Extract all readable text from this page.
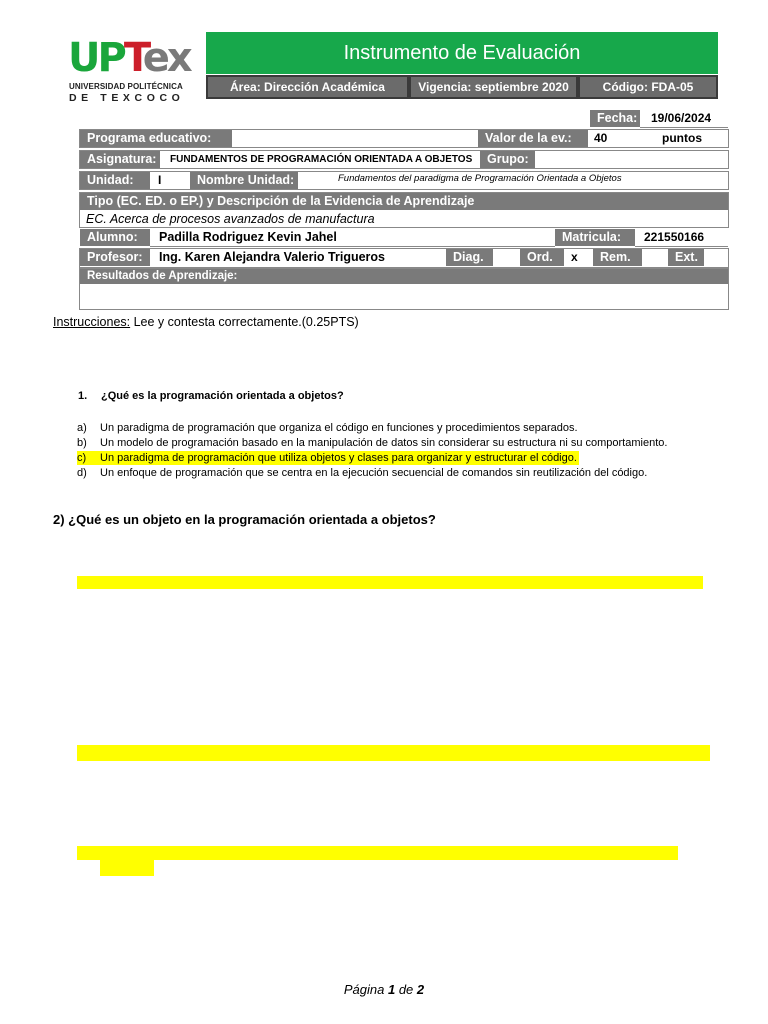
UPTex
UNIVERSIDAD POLITÉCNICA
DE TEXCOCO
Instrumento de Evaluación
Área: Dirección Académica	Vigencia: septiembre 2020	Código: FDA-05
Fecha: 19/06/2024
Programa educativo:	Valor de la ev.:	40	puntos
Asignatura:	FUNDAMENTOS DE PROGRAMACIÓN ORIENTADA A OBJETOS	Grupo:
Unidad:	I	Nombre Unidad:	Fundamentos del paradigma de Programación Orientada a Objetos
Tipo (EC. ED. o EP.) y Descripción de la Evidencia de Aprendizaje
EC. Acerca de procesos avanzados de manufactura
Alumno:	Padilla Rodriguez Kevin Jahel	Matricula:	221550166
Profesor:	Ing. Karen Alejandra Valerio Trigueros	Diag.	Ord.	x	Rem.	Ext.
Resultados de Aprendizaje:
Instrucciones: Lee y contesta correctamente.(0.25PTS)
1. ¿Qué es la programación orientada a objetos?
a) Un paradigma de programación que organiza el código en funciones y procedimientos separados.
b) Un modelo de programación basado en la manipulación de datos sin considerar su estructura ni su comportamiento.
c) Un paradigma de programación que utiliza objetos y clases para organizar y estructurar el código.
d) Un enfoque de programación que se centra en la ejecución secuencial de comandos sin reutilización del código.
2) ¿Qué es un objeto en la programación orientada a objetos?
Página 1 de 2
